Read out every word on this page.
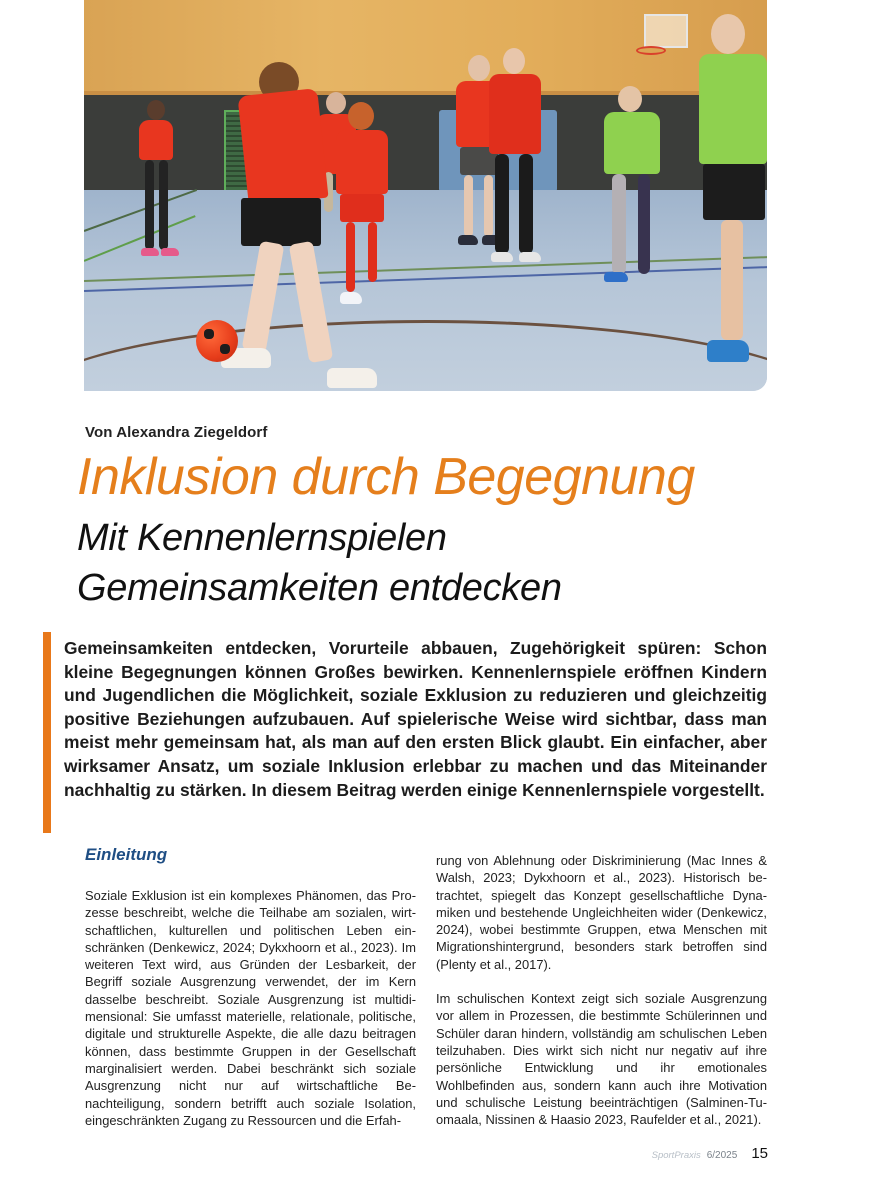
Von Alexandra Ziegeldorf
Inklusion durch Begegnung
Mit Kennenlernspielen
Gemeinsamkeiten entdecken
Gemeinsamkeiten entdecken, Vorurteile abbauen, Zugehörigkeit spüren: Schon kleine Begegnungen können Großes bewirken. Kennenlernspiele eröffnen Kindern und Jugendlichen die Möglichkeit, soziale Exklusion zu reduzieren und gleichzeitig positive Beziehungen aufzubauen. Auf spielerische Weise wird sichtbar, dass man meist mehr gemeinsam hat, als man auf den ersten Blick glaubt. Ein einfacher, aber wirksamer Ansatz, um soziale Inklusion erlebbar zu machen und das Miteinander nachhaltig zu stärken. In diesem Beitrag werden einige Kennenlernspiele vorgestellt.
Einleitung

Soziale Exklusion ist ein komplexes Phänomen, das Prozesse beschreibt, welche die Teilhabe am sozialen, wirtschaftlichen, kulturellen und politischen Leben einschränken (Denkewicz, 2024; Dykxhoorn et al., 2023). Im weiteren Text wird, aus Gründen der Lesbarkeit, der Begriff soziale Ausgrenzung verwendet, der im Kern dasselbe beschreibt. Soziale Ausgrenzung ist multidimensional: Sie umfasst materielle, relationale, politische, digitale und strukturelle Aspekte, die alle dazu beitragen können, dass bestimmte Gruppen in der Gesellschaft marginalisiert werden. Dabei beschränkt sich soziale Ausgrenzung nicht nur auf wirtschaftliche Benachteiligung, sondern betrifft auch soziale Isolation, eingeschränkten Zugang zu Ressourcen und die Erfah-

rung von Ablehnung oder Diskriminierung (Mac Innes & Walsh, 2023; Dykxhoorn et al., 2023). Historisch betrachtet, spiegelt das Konzept gesellschaftliche Dynamiken und bestehende Ungleichheiten wider (Denkewicz, 2024), wobei bestimmte Gruppen, etwa Menschen mit Migrationshintergrund, besonders stark betroffen sind (Plenty et al., 2017).

Im schulischen Kontext zeigt sich soziale Ausgrenzung vor allem in Prozessen, die bestimmte Schülerinnen und Schüler daran hindern, vollständig am schulischen Leben teilzuhaben. Dies wirkt sich nicht nur negativ auf ihre persönliche Entwicklung und ihr emotionales Wohlbefinden aus, sondern kann auch ihre Motivation und schulische Leistung beeinträchtigen (Salminen-Tuomaala, Nissinen & Haasio 2023, Raufelder et al., 2021).

SportPraxis 6/2025 15
